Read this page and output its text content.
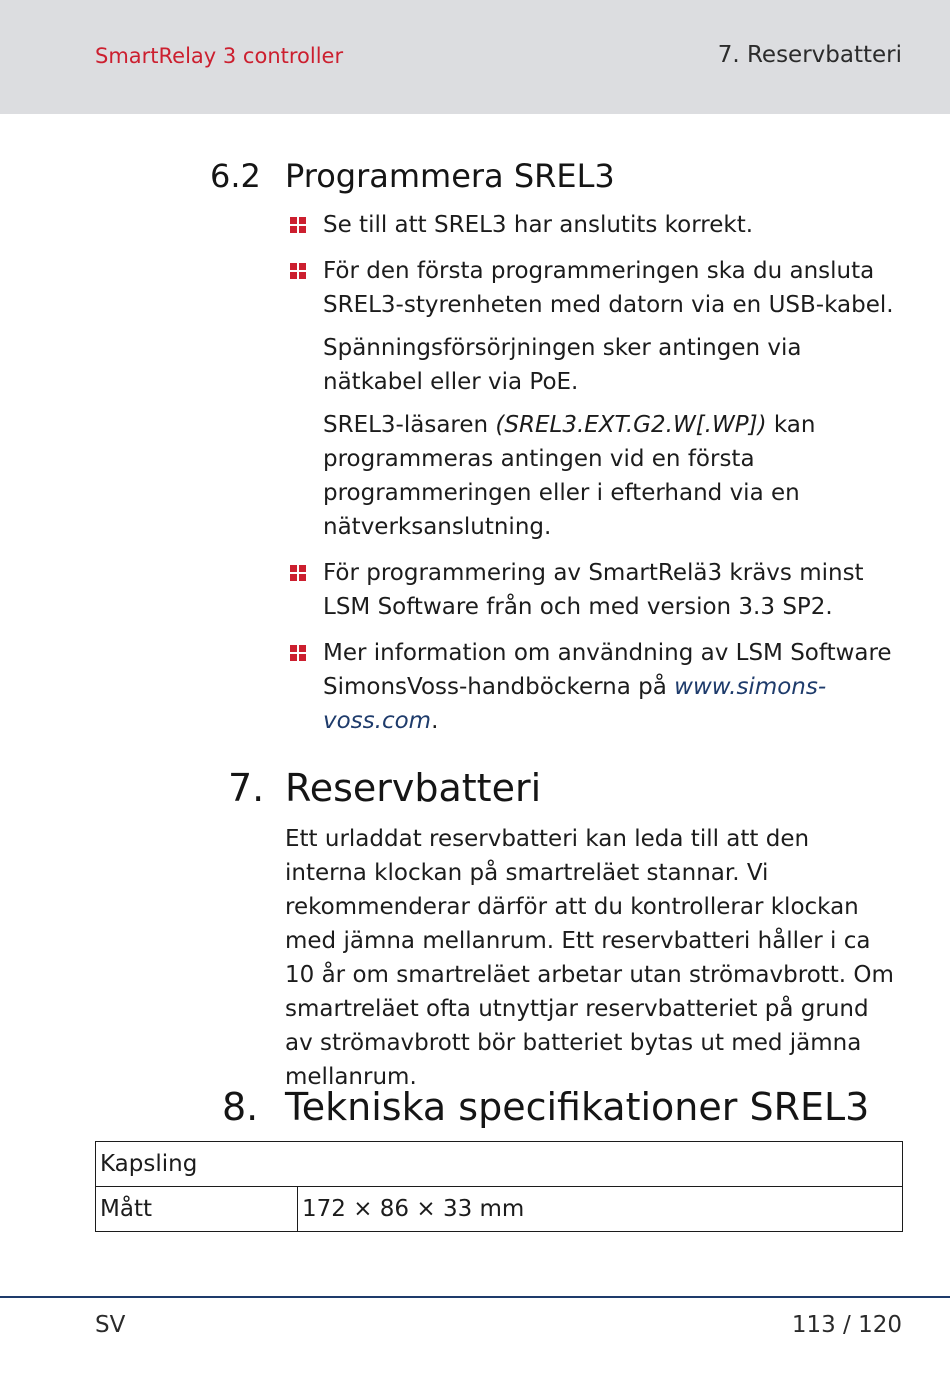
SmartRelay 3 controller	7. Reservbatteri
6.2 Programmera SREL3
Se till att SREL3 har anslutits korrekt.
För den första programmeringen ska du ansluta SREL3-styrenheten med datorn via en USB-kabel.
Spänningsförsörjningen sker antingen via nätkabel eller via PoE.
SREL3-läsaren (SREL3.EXT.G2.W[.WP]) kan programmeras antingen vid en första programmeringen eller i efterhand via en nätverksanslutning.
För programmering av SmartRelä3 krävs minst LSM Software från och med version 3.3 SP2.
Mer information om användning av LSM Software SimonsVoss-handböckerna på www.simons-voss.com.
7. Reservbatteri
Ett urladdat reservbatteri kan leda till att den interna klockan på smartreläet stannar. Vi rekommenderar därför att du kontrollerar klockan med jämna mellanrum. Ett reservbatteri håller i ca 10 år om smartreläet arbetar utan strömavbrott. Om smartreläet ofta utnyttjar reservbatteriet på grund av strömavbrott bör batteriet bytas ut med jämna mellanrum.
8. Tekniska specifikationer SREL3
Kapsling
Mått	172 × 86 × 33 mm
SV	113 / 120
